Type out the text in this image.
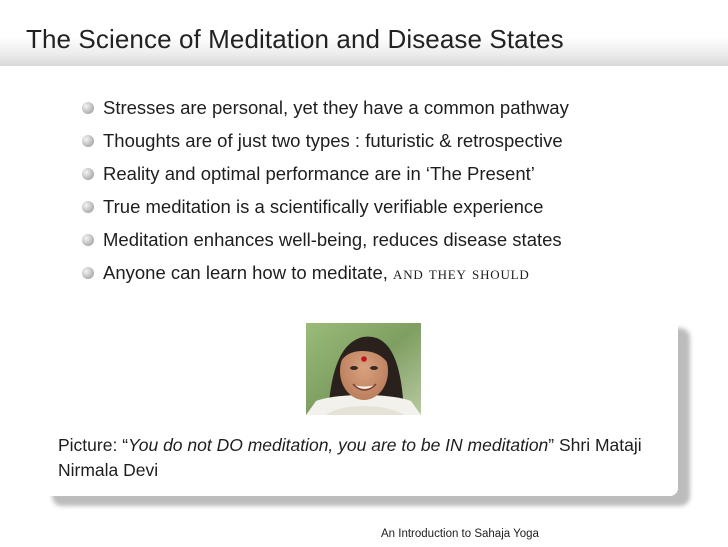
The Science of Meditation and Disease States
Stresses are personal, yet they have a common pathway
Thoughts are of just two types : futuristic & retrospective
Reality and optimal performance are in ‘The Present’
True meditation is a scientifically verifiable experience
Meditation enhances well-being, reduces disease states
Anyone can learn how to meditate, and they should
Picture: “You do not DO meditation, you are to be IN meditation” Shri Mataji Nirmala Devi
An Introduction to Sahaja Yoga
